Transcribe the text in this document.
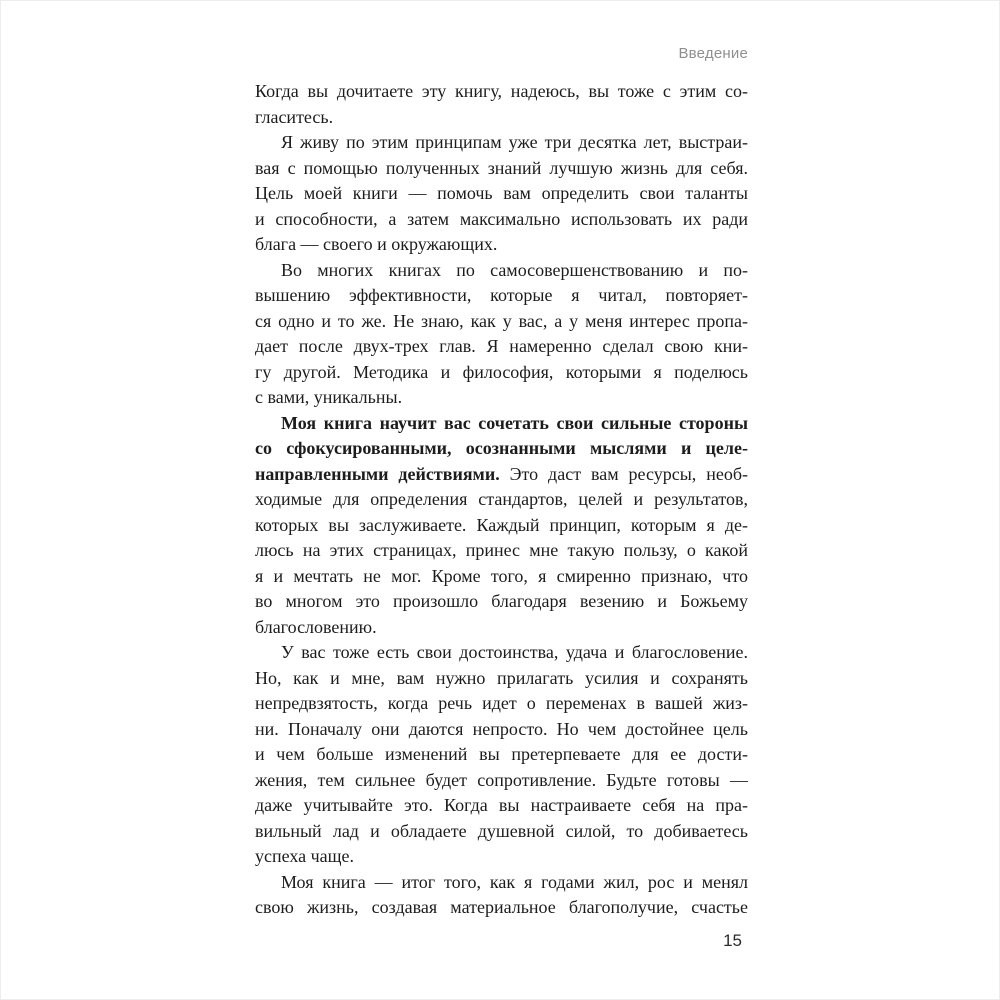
Введение

Когда вы дочитаете эту книгу, надеюсь, вы тоже с этим со-
гласитесь.

Я живу по этим принципам уже три десятка лет, выстраи-
вая с помощью полученных знаний лучшую жизнь для себя.
Цель моей книги — помочь вам определить свои таланты
и способности, а затем максимально использовать их ради
блага — своего и окружающих.

Во многих книгах по самосовершенствованию и по-
вышению эффективности, которые я читал, повторяет-
ся одно и то же. Не знаю, как у вас, а у меня интерес пропа-
дает после двух-трех глав. Я намеренно сделал свою кни-
гу другой. Методика и философия, которыми я поделюсь
с вами, уникальны.

Моя книга научит вас сочетать свои сильные стороны
со сфокусированными, осознанными мыслями и целе-
направленными действиями. Это даст вам ресурсы, необ-
ходимые для определения стандартов, целей и результатов,
которых вы заслуживаете. Каждый принцип, которым я де-
люсь на этих страницах, принес мне такую пользу, о какой
я и мечтать не мог. Кроме того, я смиренно признаю, что
во многом это произошло благодаря везению и Божьему
благословению.

У вас тоже есть свои достоинства, удача и благословение.
Но, как и мне, вам нужно прилагать усилия и сохранять
непредвзятость, когда речь идет о переменах в вашей жиз-
ни. Поначалу они даются непросто. Но чем достойнее цель
и чем больше изменений вы претерпеваете для ее дости-
жения, тем сильнее будет сопротивление. Будьте готовы —
даже учитывайте это. Когда вы настраиваете себя на пра-
вильный лад и обладаете душевной силой, то добиваетесь
успеха чаще.

Моя книга — итог того, как я годами жил, рос и менял
свою жизнь, создавая материальное благополучие, счастье

15
